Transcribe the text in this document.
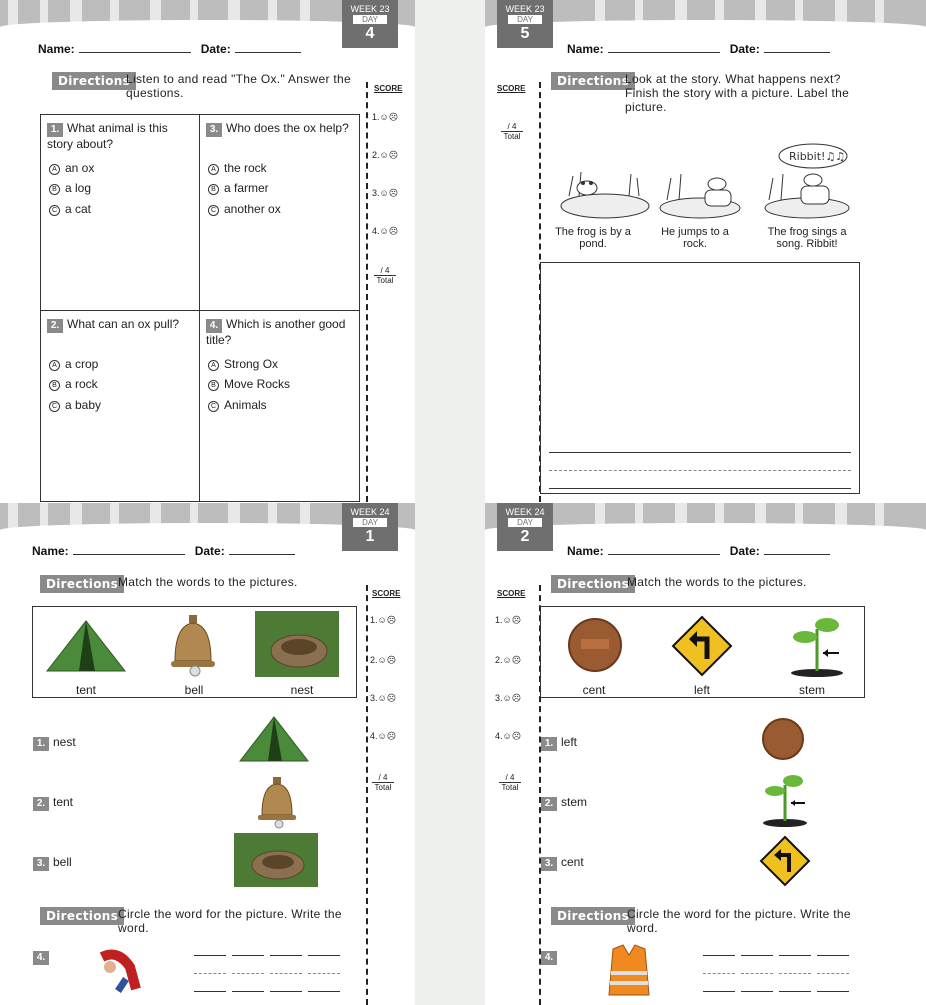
WEEK 23
DAY
4
Name:	Date:
Directions
Listen to and read "The Ox." Answer the questions.
1. What animal is this story about?
A an ox
B a log
C a cat
3. Who does the ox help?
A the rock
B a farmer
C another ox
2. What can an ox pull?
A a crop
B a rock
C a baby
4. Which is another good title?
A Strong Ox
B Move Rocks
C Animals
SCORE
1.☺☹
2.☺☹
3.☺☹
4.☺☹
/ 4
Total
WEEK 23
DAY
5
Name:	Date:
SCORE
/ 4
Total
Directions
Look at the story. What happens next? Finish the story with a picture. Label the picture.
Ribbit!♫♫
The frog is by a pond.
He jumps to a rock.
The frog sings a song. Ribbit!
WEEK 24
DAY
1
Name:	Date:
Directions Match the words to the pictures.
tent	bell	nest
1. nest
2. tent
3. bell
Directions Circle the word for the picture. Write the word.
4.
SCORE
1.☺☹
2.☺☹
3.☺☹
4.☺☹
/ 4
Total
WEEK 24
DAY
2
Name:	Date:
SCORE
1.☺☹
2.☺☹
3.☺☹
4.☺☹
/ 4
Total
Directions
Match the words to the pictures.
cent	left	stem
1. left
2. stem
3. cent
Directions
Circle the word for the picture. Write the word.
4.
